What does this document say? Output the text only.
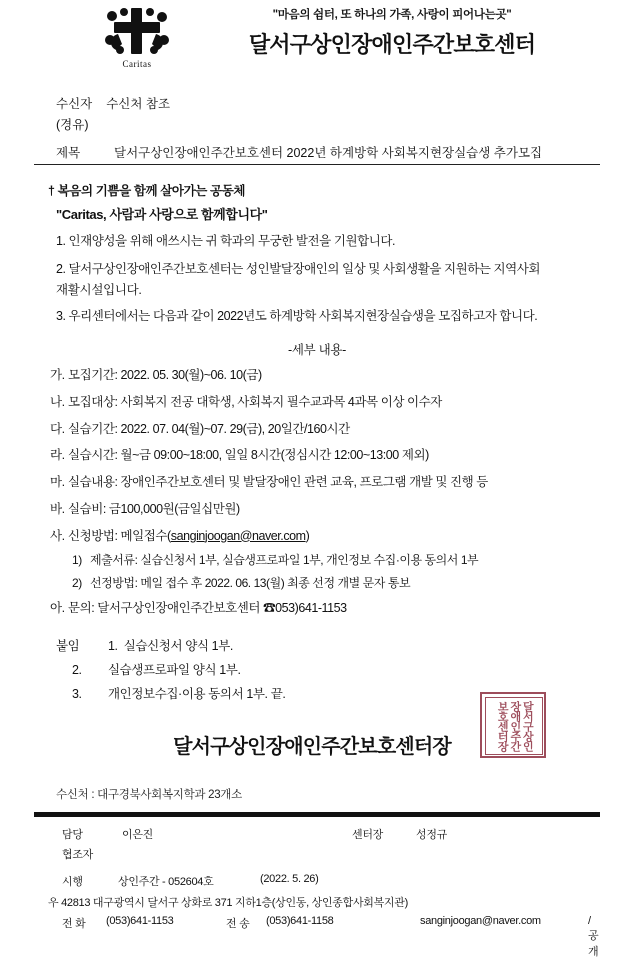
Caritas
"마음의 쉼터, 또 하나의 가족, 사랑이 피어나는곳"
달서구상인장애인주간보호센터
수신자 수신처 참조
(경유)
제목	달서구상인장애인주간보호센터 2022년 하계방학 사회복지현장실습생 추가모집
† 복음의 기쁨을 함께 살아가는 공동체
"Caritas, 사람과 사랑으로 함께합니다"
1. 인재양성을 위해 애쓰시는 귀 학과의 무궁한 발전을 기원합니다.
2. 달서구상인장애인주간보호센터는 성인발달장애인의 일상 및 사회생활을 지원하는 지역사회
재활시설입니다.
3. 우리센터에서는 다음과 같이 2022년도 하계방학 사회복지현장실습생을 모집하고자 합니다.
-세부 내용-
가. 모집기간: 2022. 05. 30(월)~06. 10(금)
나. 모집대상: 사회복지 전공 대학생, 사회복지 필수교과목 4과목 이상 이수자
다. 실습기간: 2022. 07. 04(월)~07. 29(금), 20일간/160시간
라. 실습시간: 월~금 09:00~18:00, 일일 8시간(정심시간 12:00~13:00 제외)
마. 실습내용: 장애인주간보호센터 및 발달장애인 관련 교육, 프로그램 개발 및 진행 등
바. 실습비: 금100,000원(금일십만원)
사. 신청방법: 메일접수(sanginjoogan@naver.com)
1) 제출서류: 실습신청서 1부, 실습생프로파일 1부, 개인정보 수집·이용 동의서 1부
2) 선정방법: 메일 접수 후 2022. 06. 13(월) 최종 선정 개별 문자 통보
아. 문의: 달서구상인장애인주간보호센터 ☎053)641-1153
붙임 1. 실습신청서 양식 1부.
2. 실습생프로파일 양식 1부.
3. 개인정보수집·이용 동의서 1부. 끝.
달서구상인
장애인주간
보호센터장
달서구상인장애인주간보호센터장
수신처 : 대구경북사회복지학과 23개소
담당	이은진	센터장	성정규
협조자
시행	상인주간 - 052604호	(2022. 5. 26)
우 42813 대구광역시 달서구 상화로 371 지하1층(상인동, 상인종합사회복지관)
전 화 (053)641-1153	전 송 (053)641-1158	sanginjoogan@naver.com	/ 공개
